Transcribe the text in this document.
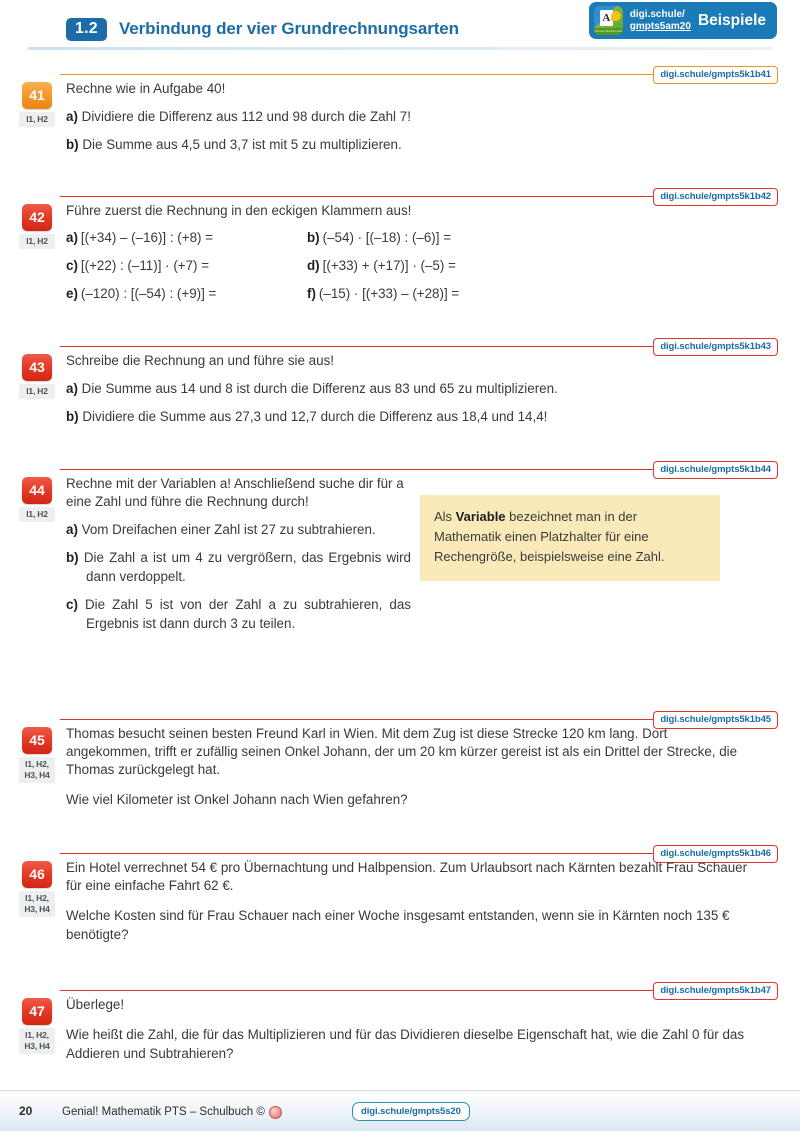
1.2	Verbindung der vier Grundrechnungsarten
A
Genial! Mathematik
digi.schule/
gmpts5am20 Beispiele
digi.schule/gmpts5k1b41
41
I1, H2
Rechne wie in Aufgabe 40!
a) Dividiere die Differenz aus 112 und 98 durch die Zahl 7!
b) Die Summe aus 4,5 und 3,7 ist mit 5 zu multiplizieren.
digi.schule/gmpts5k1b42
42
I1, H2
Führe zuerst die Rechnung in den eckigen Klammern aus!
a) [(+34) – (–16)] : (+8) =	b) (–54) · [(–18) : (–6)] =
c) [(+22) : (–11)] · (+7) =	d) [(+33) + (+17)] · (–5) =
e) (–120) : [(–54) : (+9)] =	f) (–15) · [(+33) – (+28)] =
digi.schule/gmpts5k1b43
43
I1, H2
Schreibe die Rechnung an und führe sie aus!
a) Die Summe aus 14 und 8 ist durch die Differenz aus 83 und 65 zu multiplizieren.
b) Dividiere die Summe aus 27,3 und 12,7 durch die Differenz aus 18,4 und 14,4!
digi.schule/gmpts5k1b44
44
I1, H2
Rechne mit der Variablen a! Anschließend suche dir für a eine Zahl und führe die Rechnung durch!
a) Vom Dreifachen einer Zahl ist 27 zu subtrahieren.
b) Die Zahl a ist um 4 zu vergrößern, das Ergebnis wird dann verdoppelt.
c) Die Zahl 5 ist von der Zahl a zu subtrahieren, das Ergebnis ist dann durch 3 zu teilen.
Als Variable bezeichnet man in der Mathematik einen Platzhalter für eine Rechengröße, beispielsweise eine Zahl.
digi.schule/gmpts5k1b45
45
I1, H2,
H3, H4
Thomas besucht seinen besten Freund Karl in Wien. Mit dem Zug ist diese Strecke 120 km lang. Dort angekommen, trifft er zufällig seinen Onkel Johann, der um 20 km kürzer gereist ist als ein Drittel der Strecke, die Thomas zurückgelegt hat.
Wie viel Kilometer ist Onkel Johann nach Wien gefahren?
digi.schule/gmpts5k1b46
46
I1, H2,
H3, H4
Ein Hotel verrechnet 54 € pro Übernachtung und Halbpension. Zum Urlaubsort nach Kärnten bezahlt Frau Schauer für eine einfache Fahrt 62 €.
Welche Kosten sind für Frau Schauer nach einer Woche insgesamt entstanden, wenn sie in Kärnten noch 135 € benötigte?
digi.schule/gmpts5k1b47
47
I1, H2,
H3, H4
Überlege!
Wie heißt die Zahl, die für das Multiplizieren und für das Dividieren dieselbe Eigenschaft hat, wie die Zahl 0 für das Addieren und Subtrahieren?
20	Genial! Mathematik PTS – Schulbuch ©	digi.schule/gmpts5s20
